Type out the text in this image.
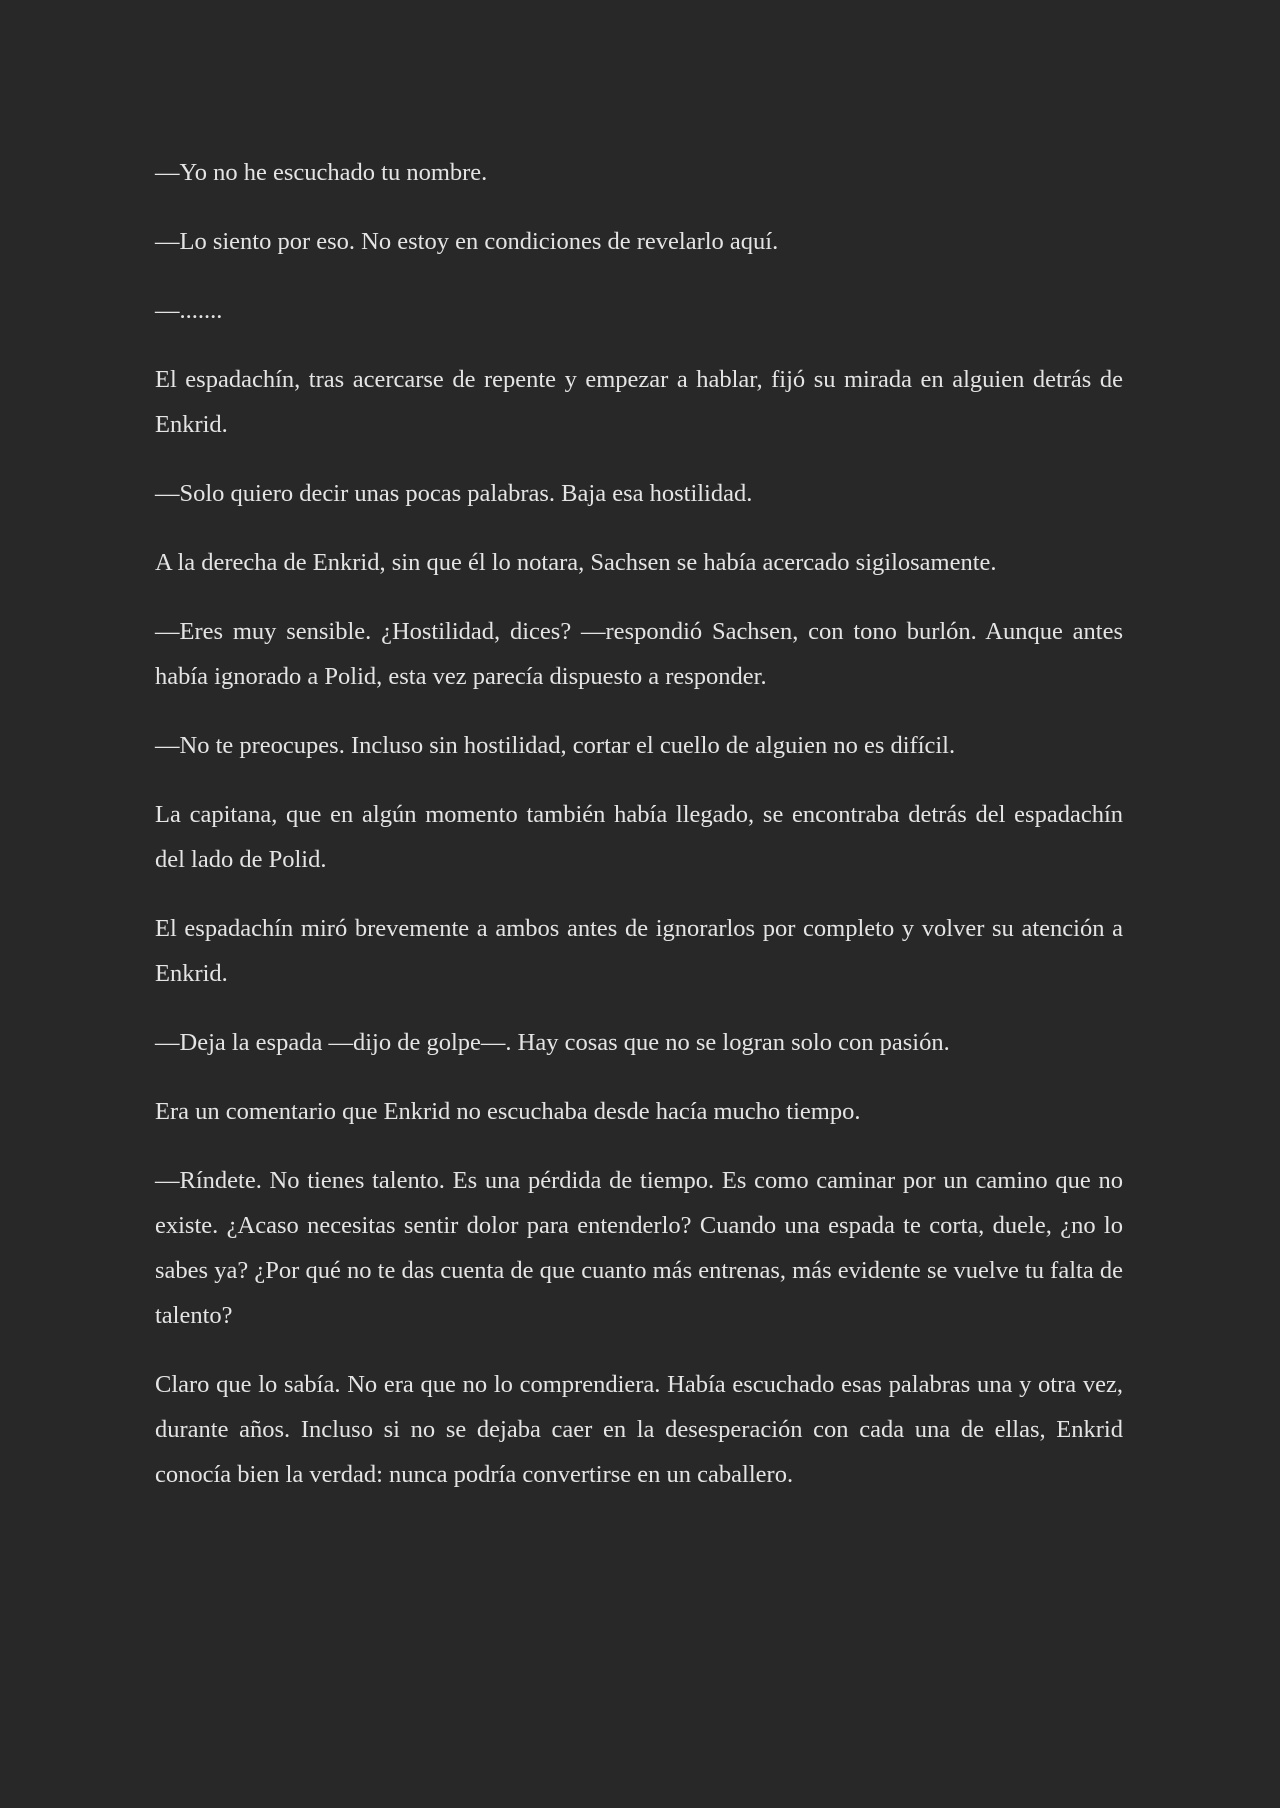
—Yo no he escuchado tu nombre.

—Lo siento por eso. No estoy en condiciones de revelarlo aquí.

—.......

El espadachín, tras acercarse de repente y empezar a hablar, fijó su mirada en alguien detrás de Enkrid.

—Solo quiero decir unas pocas palabras. Baja esa hostilidad.

A la derecha de Enkrid, sin que él lo notara, Sachsen se había acercado sigilosamente.

—Eres muy sensible. ¿Hostilidad, dices? —respondió Sachsen, con tono burlón. Aunque antes había ignorado a Polid, esta vez parecía dispuesto a responder.

—No te preocupes. Incluso sin hostilidad, cortar el cuello de alguien no es difícil.

La capitana, que en algún momento también había llegado, se encontraba detrás del espadachín del lado de Polid.

El espadachín miró brevemente a ambos antes de ignorarlos por completo y volver su atención a Enkrid.

—Deja la espada —dijo de golpe—. Hay cosas que no se logran solo con pasión.

Era un comentario que Enkrid no escuchaba desde hacía mucho tiempo.

—Ríndete. No tienes talento. Es una pérdida de tiempo. Es como caminar por un camino que no existe. ¿Acaso necesitas sentir dolor para entenderlo? Cuando una espada te corta, duele, ¿no lo sabes ya? ¿Por qué no te das cuenta de que cuanto más entrenas, más evidente se vuelve tu falta de talento?

Claro que lo sabía. No era que no lo comprendiera. Había escuchado esas palabras una y otra vez, durante años. Incluso si no se dejaba caer en la desesperación con cada una de ellas, Enkrid conocía bien la verdad: nunca podría convertirse en un caballero.
